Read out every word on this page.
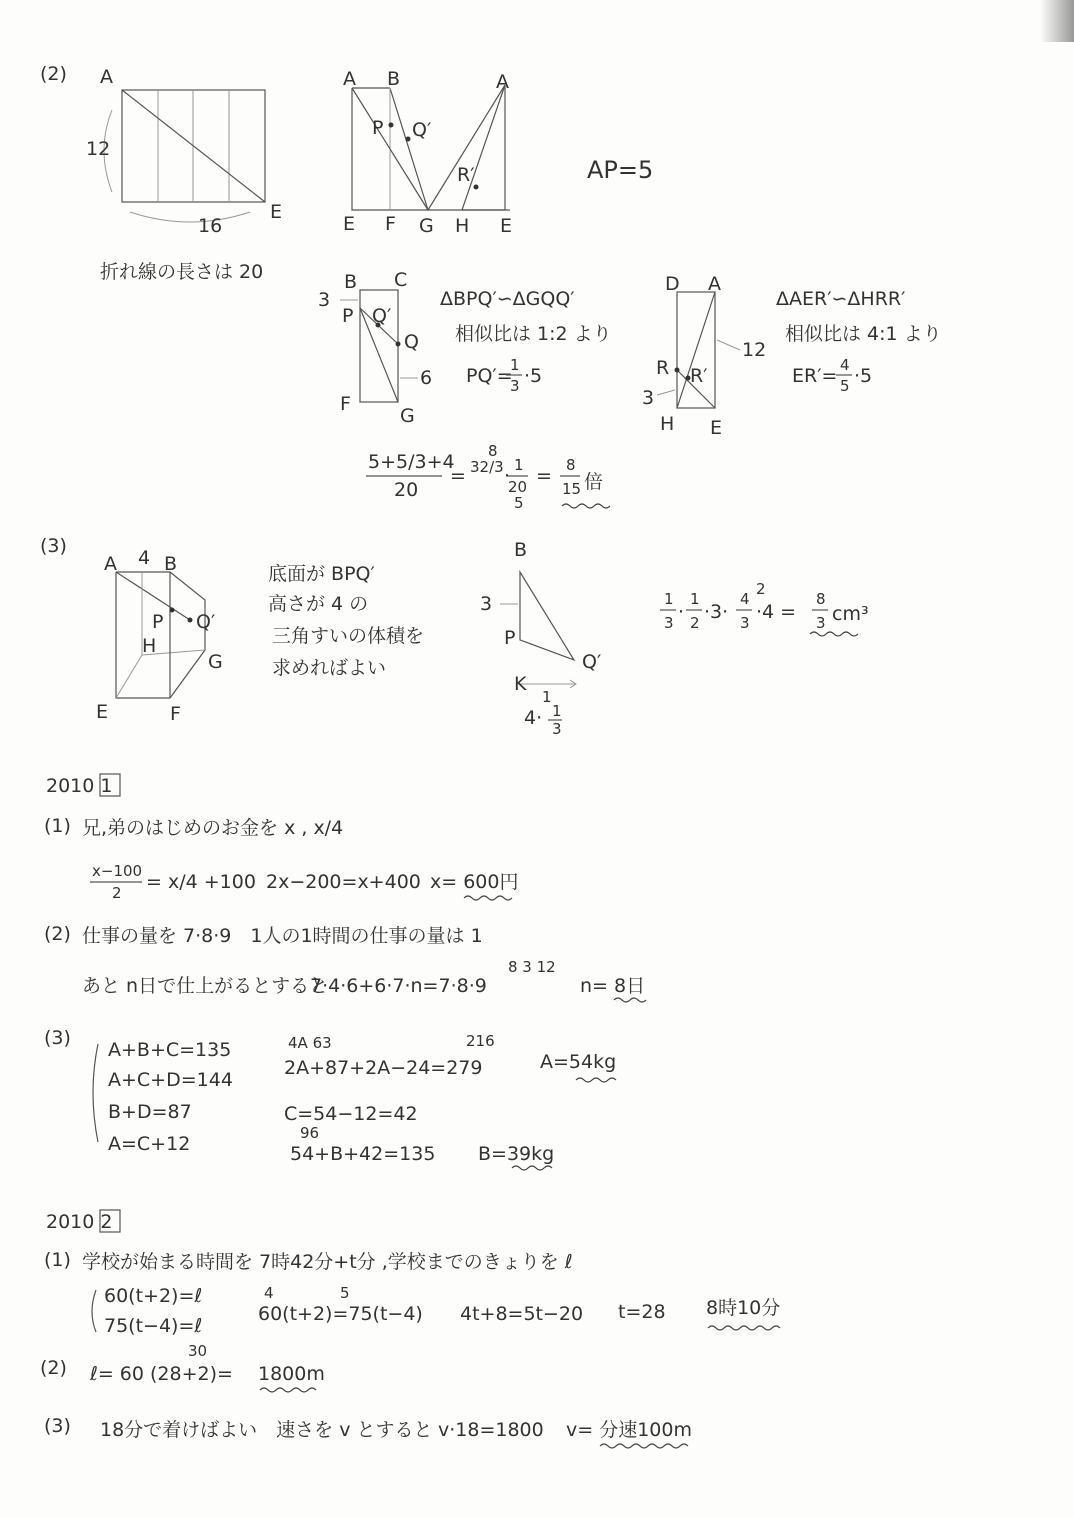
(2) A
E
12
16
折れ線の長さは 20
A B	A
P Q′
R′
E F G H E
AP=5
B C
3
P Q′
Q
6
F
G
ΔBPQ′∽ΔGQQ′
相似比は 1:2 より
PQ′=
1
3 ·5
D A
12
R R′
3
H E
ΔAER′∽ΔHRR′
相似比は 4:1 より
ER′= 4
5 ·5
5+5/3+4
20
=
8
32/3 · 1
20
5
= 8
15 倍
(3)
A 4 B
P Q′
H
G
E	F
底面が BPQ′
高さが 4 の
三角すいの体積を
求めればよい
B
3
P
Q′
K
1
4· 1
3
1
3 ·
1
2 ·3·
2
4
3 ·4 =
8
3 cm³
2010 1
(1) 兄,弟のはじめのお金を x , x/4
x−100
2 = x/4 +100 2x−200=x+400 x= 600円
(2) 仕事の量を 7·8·9　1人の1時間の仕事の量は 1
あと n日で仕上がるとすると
7·4·6+6·7·n=7·8·9
8 3 12
n= 8日
(3)
A+B+C=135
A+C+D=144
B+D=87
A=C+12
4A 63	216
2A+87+2A−24=279	A=54kg
C=54−12=42
96
54+B+42=135 B=39kg
2010 2
(1) 学校が始まる時間を 7時42分+t分 ,学校までのきょりを ℓ
60(t+2)=ℓ
75(t−4)=ℓ
4	5
60(t+2)=75(t−4) 4t+8=5t−20 t=28 8時10分
(2)
30
ℓ= 60 (28+2)= 1800m
(3) 18分で着けばよい　速さを v とすると v·18=1800 v= 分速100m
